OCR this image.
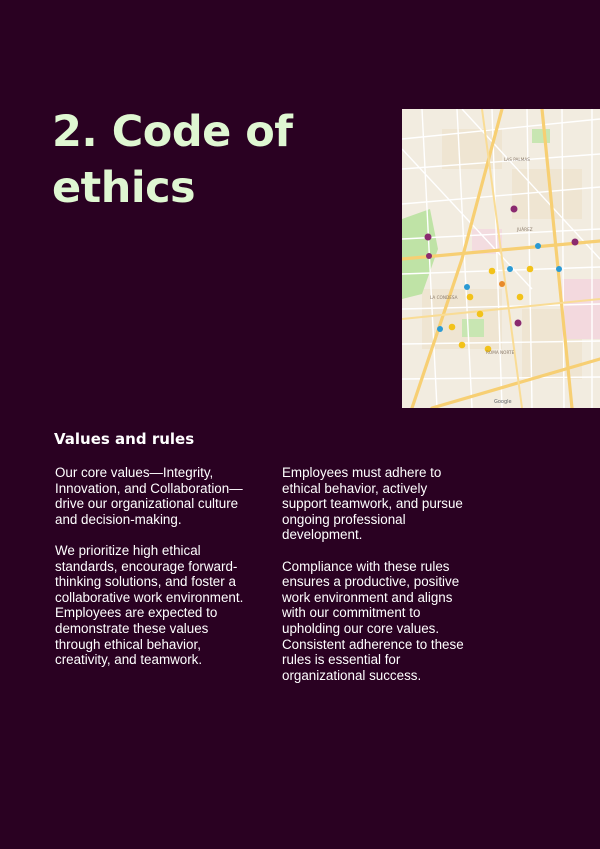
2. Code of ethics
LAS PALMAS
LA CONDESA
ROMA NORTE
JUÁREZ
Google
Values and rules

Our core values—Integrity, Innovation, and Collaboration—drive our organizational culture and decision-making.

We prioritize high ethical standards, encourage forward-thinking solutions, and foster a collaborative work environment. Employees are expected to demonstrate these values through ethical behavior, creativity, and teamwork.

Employees must adhere to ethical behavior, actively support teamwork, and pursue ongoing professional development.

Compliance with these rules ensures a productive, positive work environment and aligns with our commitment to upholding our core values. Consistent adherence to these rules is essential for organizational success.
